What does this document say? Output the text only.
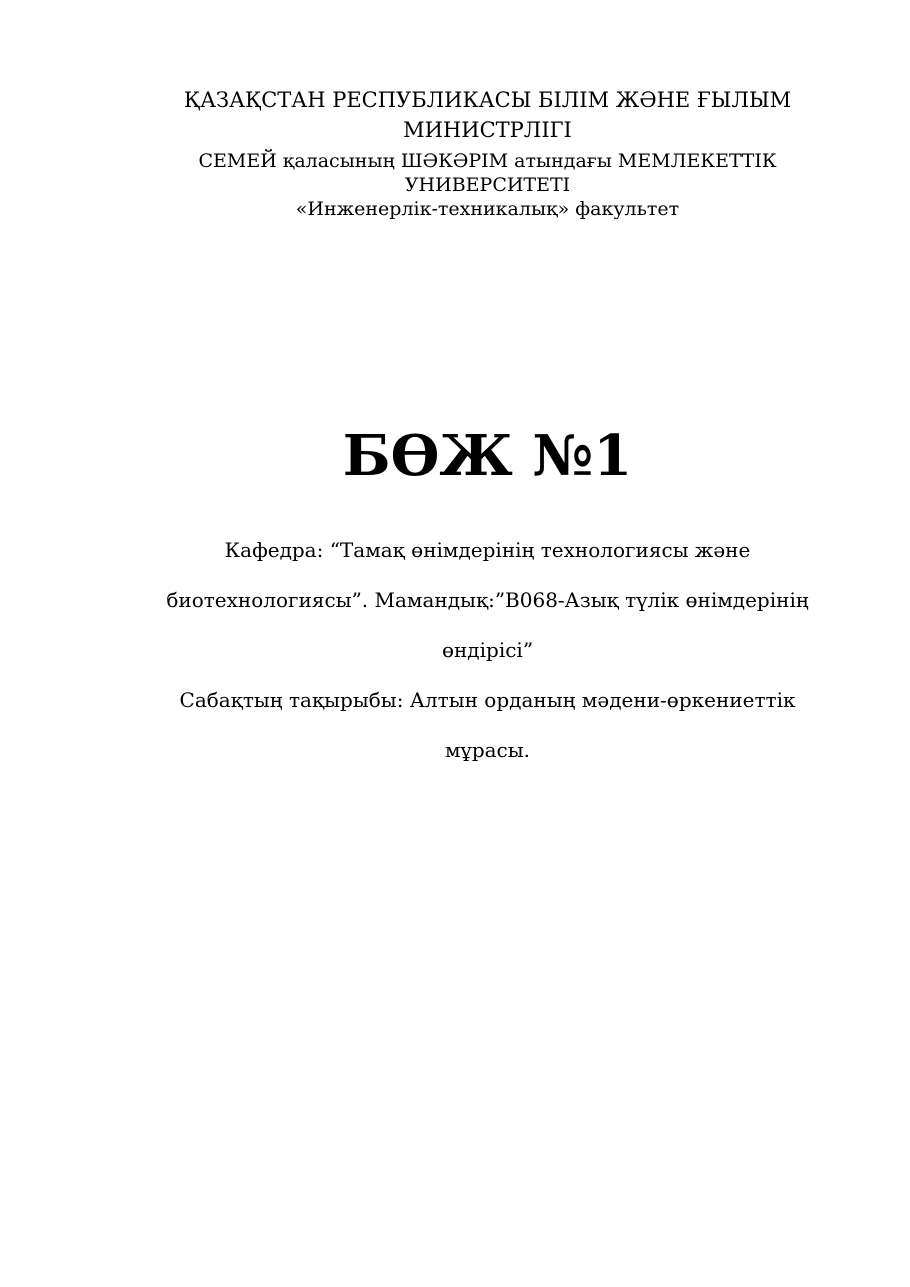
ҚАЗАҚСТАН РЕСПУБЛИКАСЫ БІЛІМ ЖӘНЕ ҒЫЛЫМ МИНИСТРЛІГІ

СЕМЕЙ қаласының ШӘКӘРІМ атындағы МЕМЛЕКЕТТІК УНИВЕРСИТЕТІ

«Инженерлік-техникалық» факультет

БӨЖ №1

Кафедра: “Тамақ өнімдерінің технологиясы және биотехнологиясы”. Мамандық:”В068-Азық түлік өнімдерінің өндірісі”

Сабақтың тақырыбы: Алтын орданың мәдени-өркениеттік мұрасы.
